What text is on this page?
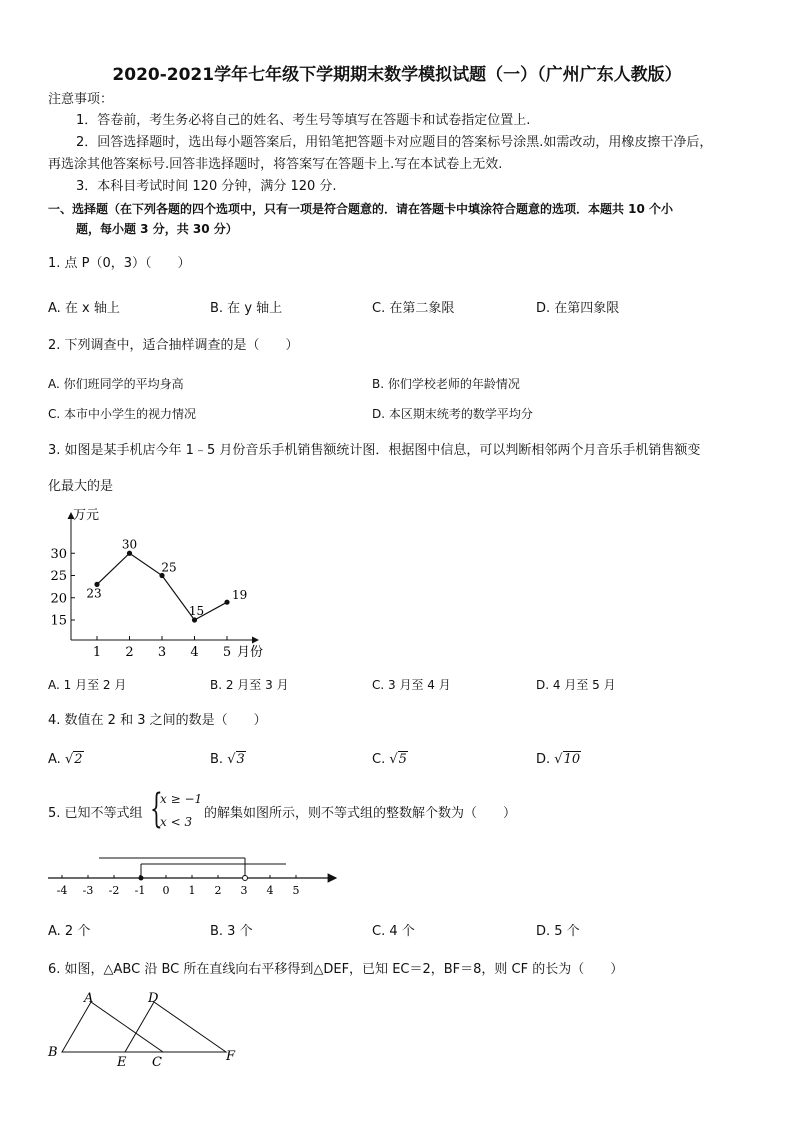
2020-2021学年七年级下学期期末数学模拟试题（一）（广州广东人教版）
注意事项：
1．答卷前，考生务必将自己的姓名、考生号等填写在答题卡和试卷指定位置上.
2．回答选择题时，选出每小题答案后，用铅笔把答题卡对应题目的答案标号涂黑.如需改动，用橡皮擦干净后，
再选涂其他答案标号.回答非选择题时，将答案写在答题卡上.写在本试卷上无效.
3．本科目考试时间 120 分钟，满分 120 分.
一、选择题（在下列各题的四个选项中，只有一项是符合题意的．请在答题卡中填涂符合题意的选项．本题共 10 个小
题，每小题 3 分，共 30 分）
1. 点 P（0，3）（　　）
A. 在 x 轴上	B. 在 y 轴上	C. 在第二象限	D. 在第四象限
2. 下列调查中，适合抽样调查的是（　　）
A. 你们班同学的平均身高	B. 你们学校老师的年龄情况
C. 本市中小学生的视力情况	D. 本区期末统考的数学平均分
3. 如图是某手机店今年 1﹣5 月份音乐手机销售额统计图．根据图中信息，可以判断相邻两个月音乐手机销售额变
化最大的是
万元
月份
15
20
25
30
1 2 3 4 5
23
30
25
15
19
A. 1 月至 2 月	B. 2 月至 3 月	C. 3 月至 4 月	D. 4 月至 5 月
4. 数值在 2 和 3 之间的数是（　　）
A. √2	B. √3	C. √5	D. √10
5. 已知不等式组 {
x ≥ −1
x < 3
的解集如图所示，则不等式组的整数解个数为（　　）
-4 -3 -2 -1 0 1 2 3 4 5
A. 2 个	B. 3 个	C. 4 个	D. 5 个
6. 如图，△ABC 沿 BC 所在直线向右平移得到△DEF，已知 EC＝2，BF＝8，则 CF 的长为（　　）
A
B
C
D
E	F
